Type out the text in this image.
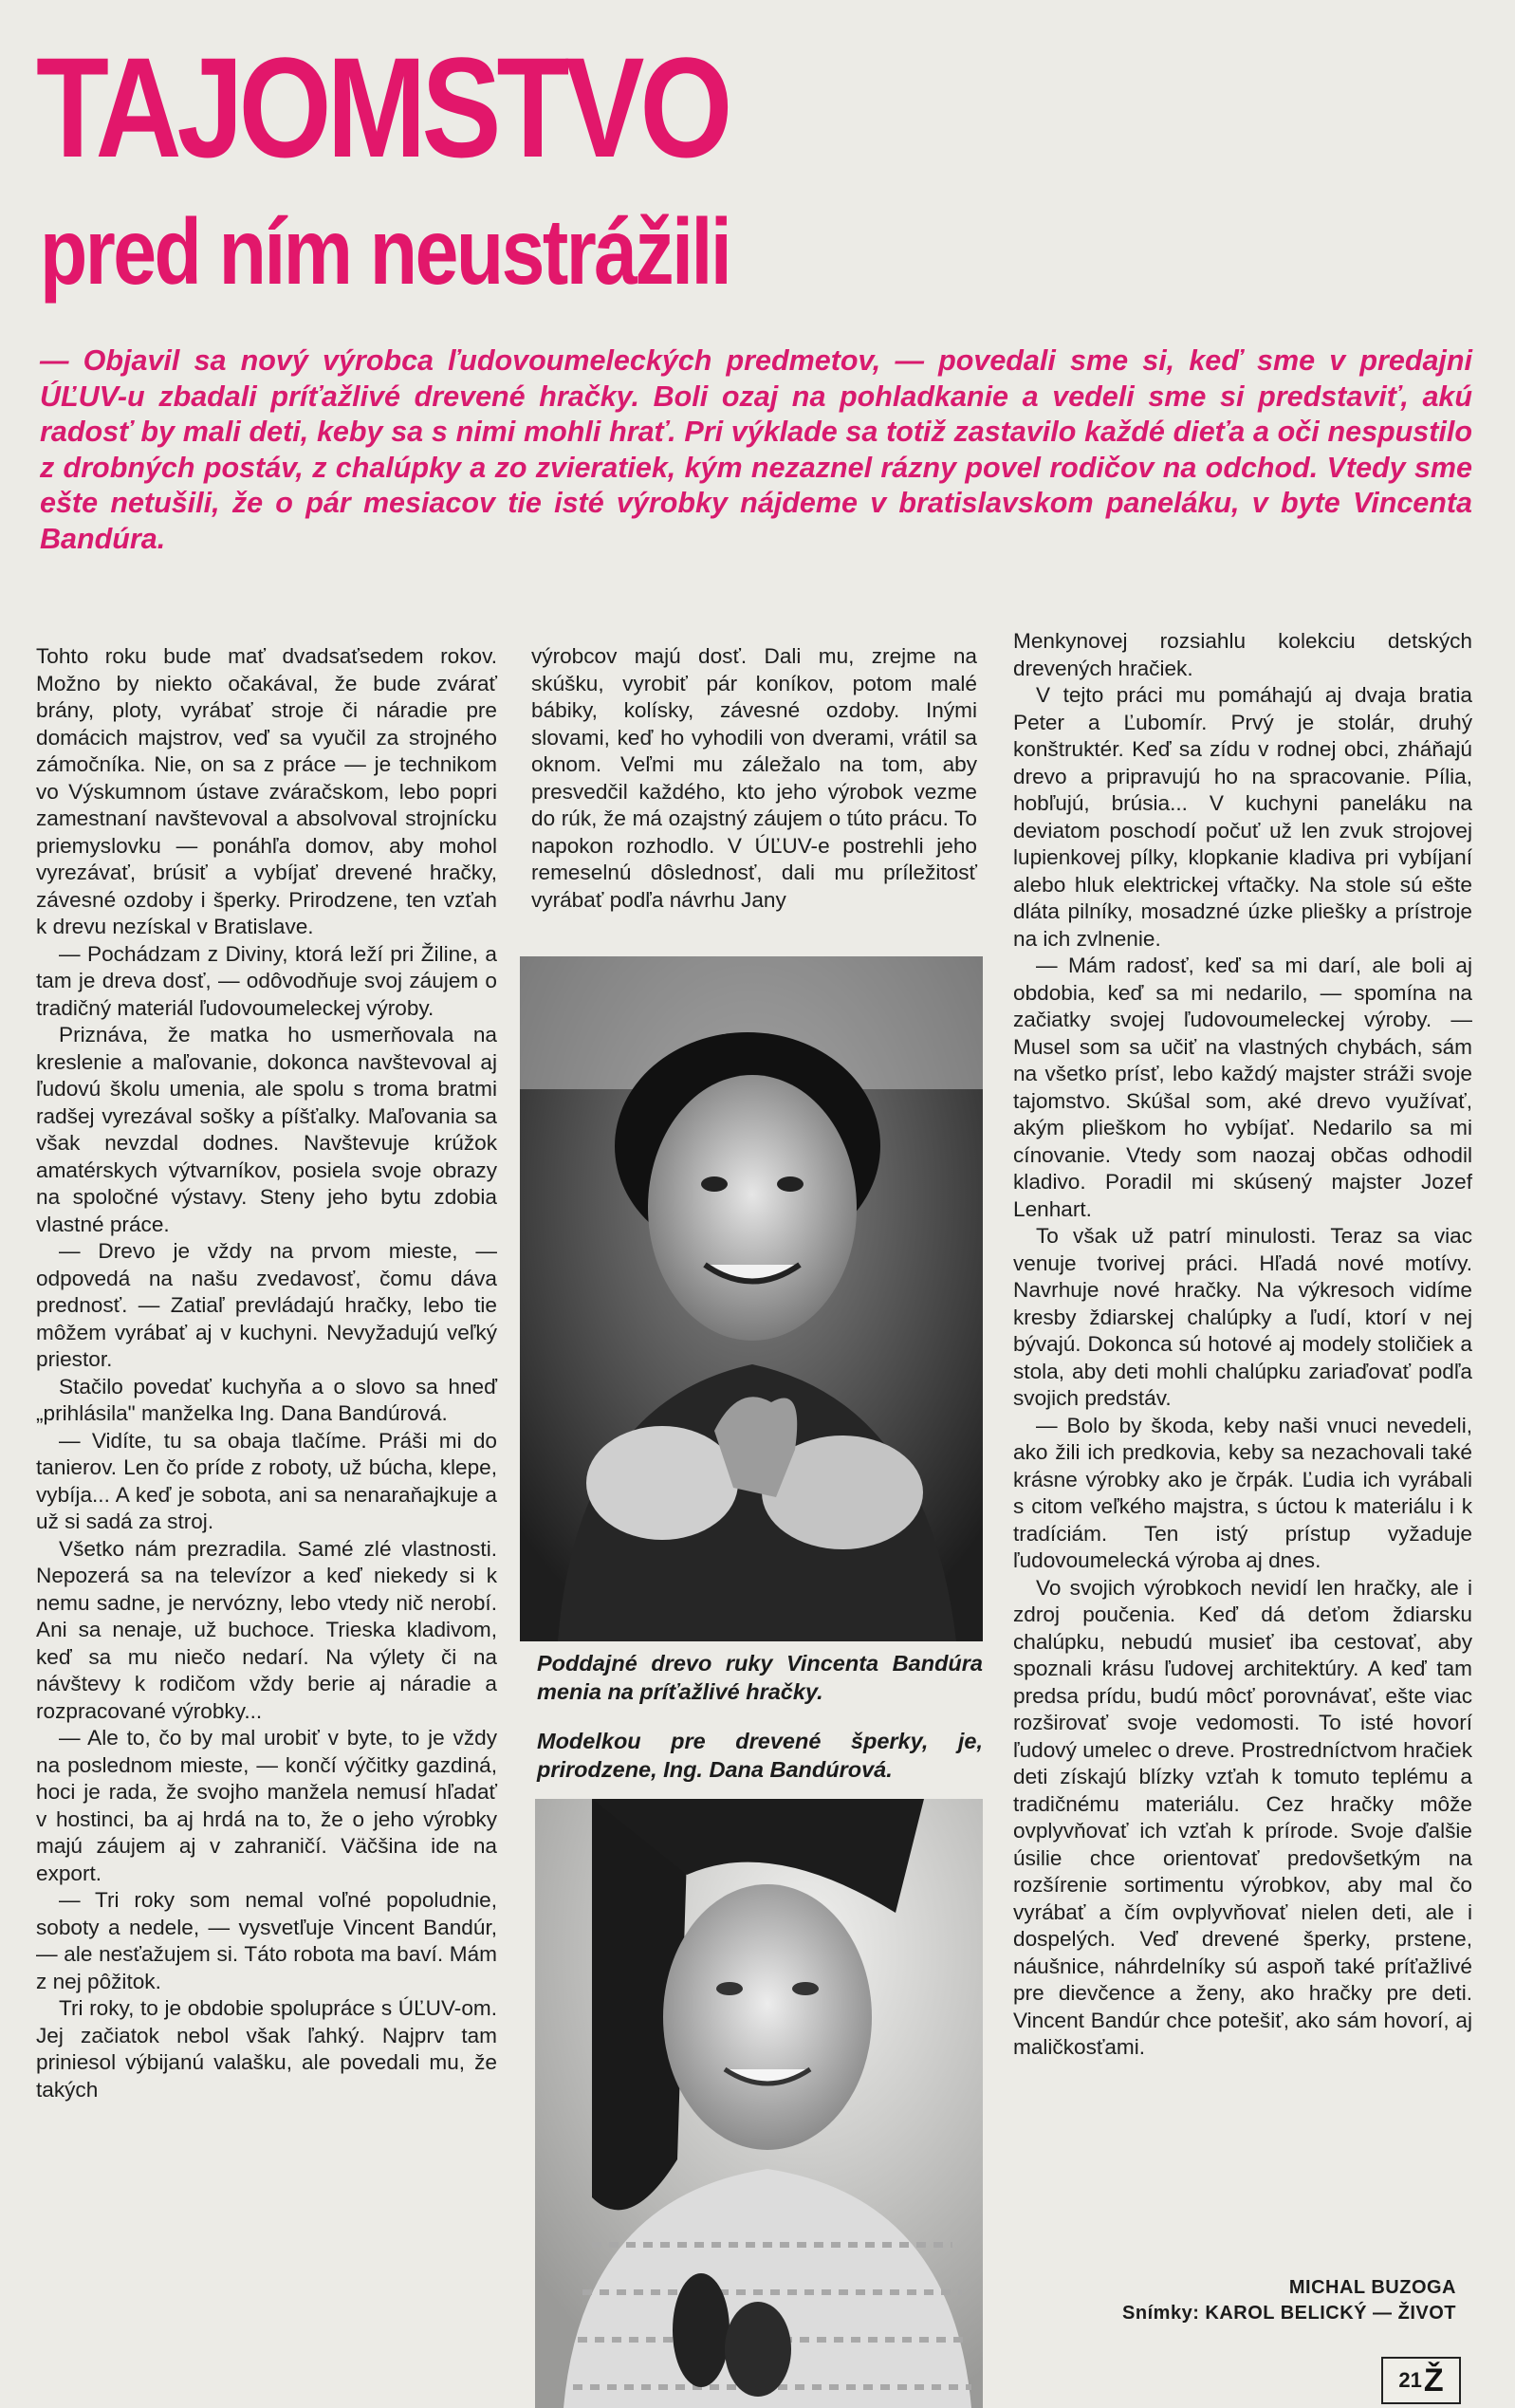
TAJOMSTVO
pred ním neustrážili
— Objavil sa nový výrobca ľudovoumeleckých predmetov, — povedali sme si, keď sme v predajni ÚĽUV-u zbadali príťažlivé drevené hračky. Boli ozaj na pohladkanie a vedeli sme si predstaviť, akú radosť by mali deti, keby sa s nimi mohli hrať. Pri výklade sa totiž zastavilo každé dieťa a oči nespustilo z drobných postáv, z chalúpky a zo zvieratiek, kým nezaznel rázny povel rodičov na odchod. Vtedy sme ešte netušili, že o pár mesiacov tie isté výrobky nájdeme v bratislavskom paneláku, v byte Vincenta Bandúra.

Tohto roku bude mať dvadsaťsedem rokov. Možno by niekto očakával, že bude zvárať brány, ploty, vyrábať stroje či náradie pre domácich majstrov, veď sa vyučil za strojného zámočníka. Nie, on sa z práce — je technikom vo Výskumnom ústave zváračskom, lebo popri zamestnaní navštevoval a absolvoval strojnícku priemyslovku — ponáhľa domov, aby mohol vyrezávať, brúsiť a vybíjať drevené hračky, závesné ozdoby i šperky. Prirodzene, ten vzťah k drevu nezískal v Bratislave.

— Pochádzam z Diviny, ktorá leží pri Žiline, a tam je dreva dosť, — odôvodňuje svoj záujem o tradičný materiál ľudovoumeleckej výroby.

Priznáva, že matka ho usmerňovala na kreslenie a maľovanie, dokonca navštevoval aj ľudovú školu umenia, ale spolu s troma bratmi radšej vyrezával sošky a píšťalky. Maľovania sa však nevzdal dodnes. Navštevuje krúžok amatérskych výtvarníkov, posiela svoje obrazy na spoločné výstavy. Steny jeho bytu zdobia vlastné práce.

— Drevo je vždy na prvom mieste, — odpovedá na našu zvedavosť, čomu dáva prednosť. — Zatiaľ prevládajú hračky, lebo tie môžem vyrábať aj v kuchyni. Nevyžadujú veľký priestor.

Stačilo povedať kuchyňa a o slovo sa hneď „prihlásila" manželka Ing. Dana Bandúrová.

— Vidíte, tu sa obaja tlačíme. Práši mi do tanierov. Len čo príde z roboty, už búcha, klepe, vybíja... A keď je sobota, ani sa nenaraňajkuje a už si sadá za stroj.

Všetko nám prezradila. Samé zlé vlastnosti. Nepozerá sa na televízor a keď niekedy si k nemu sadne, je nervózny, lebo vtedy nič nerobí. Ani sa nenaje, už buchoce. Trieska kladivom, keď sa mu niečo nedarí. Na výlety či na návštevy k rodičom vždy berie aj náradie a rozpracované výrobky...

— Ale to, čo by mal urobiť v byte, to je vždy na poslednom mieste, — končí výčitky gazdiná, hoci je rada, že svojho manžela nemusí hľadať v hostinci, ba aj hrdá na to, že o jeho výrobky majú záujem aj v zahraničí. Väčšina ide na export.

— Tri roky som nemal voľné popoludnie, soboty a nedele, — vysvetľuje Vincent Bandúr, — ale nesťažujem si. Táto robota ma baví. Mám z nej pôžitok.

Tri roky, to je obdobie spolupráce s ÚĽUV-om. Jej začiatok nebol však ľahký. Najprv tam priniesol výbijanú valašku, ale povedali mu, že takých

výrobcov majú dosť. Dali mu, zrejme na skúšku, vyrobiť pár koníkov, potom malé bábiky, kolísky, závesné ozdoby. Inými slovami, keď ho vyhodili von dverami, vrátil sa oknom. Veľmi mu záležalo na tom, aby presvedčil každého, kto jeho výrobok vezme do rúk, že má ozajstný záujem o túto prácu. To napokon rozhodlo. V ÚĽUV-e postrehli jeho remeselnú dôslednosť, dali mu príležitosť vyrábať podľa návrhu Jany

Poddajné drevo ruky Vincenta Bandúra menia na príťažlivé hračky.
Modelkou pre drevené šperky, je, prirodzene, Ing. Dana Bandúrová.

Menkynovej rozsiahlu kolekciu detských drevených hračiek.

V tejto práci mu pomáhajú aj dvaja bratia Peter a Ľubomír. Prvý je stolár, druhý konštruktér. Keď sa zídu v rodnej obci, zháňajú drevo a pripravujú ho na spracovanie. Pília, hobľujú, brúsia... V kuchyni paneláku na deviatom poschodí počuť už len zvuk strojovej lupienkovej pílky, klopkanie kladiva pri vybíjaní alebo hluk elektrickej vŕtačky. Na stole sú ešte dláta pilníky, mosadzné úzke pliešky a prístroje na ich zvlnenie.

— Mám radosť, keď sa mi darí, ale boli aj obdobia, keď sa mi nedarilo, — spomína na začiatky svojej ľudovoumeleckej výroby. — Musel som sa učiť na vlastných chybách, sám na všetko prísť, lebo každý majster stráži svoje tajomstvo. Skúšal som, aké drevo využívať, akým plieškom ho vybíjať. Nedarilo sa mi cínovanie. Vtedy som naozaj občas odhodil kladivo. Poradil mi skúsený majster Jozef Lenhart.

To však už patrí minulosti. Teraz sa viac venuje tvorivej práci. Hľadá nové motívy. Navrhuje nové hračky. Na výkresoch vidíme kresby ždiarskej chalúpky a ľudí, ktorí v nej bývajú. Dokonca sú hotové aj modely stoličiek a stola, aby deti mohli chalúpku zariaďovať podľa svojich predstáv.

— Bolo by škoda, keby naši vnuci nevedeli, ako žili ich predkovia, keby sa nezachovali také krásne výrobky ako je črpák. Ľudia ich vyrábali s citom veľkého majstra, s úctou k materiálu i k tradíciám. Ten istý prístup vyžaduje ľudovoumelecká výroba aj dnes.

Vo svojich výrobkoch nevidí len hračky, ale i zdroj poučenia. Keď dá deťom ždiarsku chalúpku, nebudú musieť iba cestovať, aby spoznali krásu ľudovej architektúry. A keď tam predsa prídu, budú môcť porovnávať, ešte viac rozširovať svoje vedomosti. To isté hovorí ľudový umelec o dreve. Prostredníctvom hračiek deti získajú blízky vzťah k tomuto teplému a tradičnému materiálu. Cez hračky môže ovplyvňovať ich vzťah k prírode. Svoje ďalšie úsilie chce orientovať predovšetkým na rozšírenie sortimentu výrobkov, aby mal čo vyrábať a čím ovplyvňovať nielen deti, ale i dospelých. Veď drevené šperky, prstene, náušnice, náhrdelníky sú aspoň také príťažlivé pre dievčence a ženy, ako hračky pre deti. Vincent Bandúr chce potešiť, ako sám hovorí, aj maličkosťami.

MICHAL BUZOGA
Snímky: KAROL BELICKÝ — ŽIVOT
21 Ž
